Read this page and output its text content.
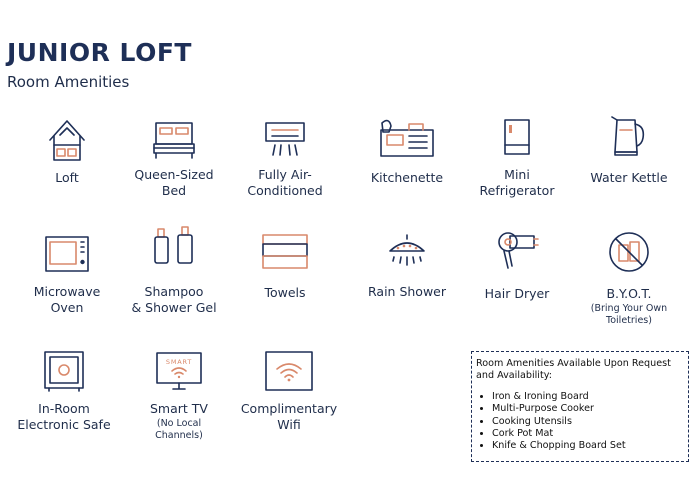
JUNIOR LOFT
Room Amenities
Loft	Queen-Sized
Bed
Fully Air-
Conditioned
Kitchenette	Mini
Refrigerator
Water Kettle
Microwave
Oven
Shampoo
& Shower Gel
Towels	Rain Shower	Hair Dryer	B.Y.O.T.
(Bring Your Own
Toiletries)
In-Room
Electronic Safe
SMART
Smart TV
(No Local
Channels)
Complimentary
Wifi
Room Amenities Available Upon Request and Availability:
• Iron & Ironing Board
• Multi-Purpose Cooker
• Cooking Utensils
• Cork Pot Mat
• Knife & Chopping Board Set
